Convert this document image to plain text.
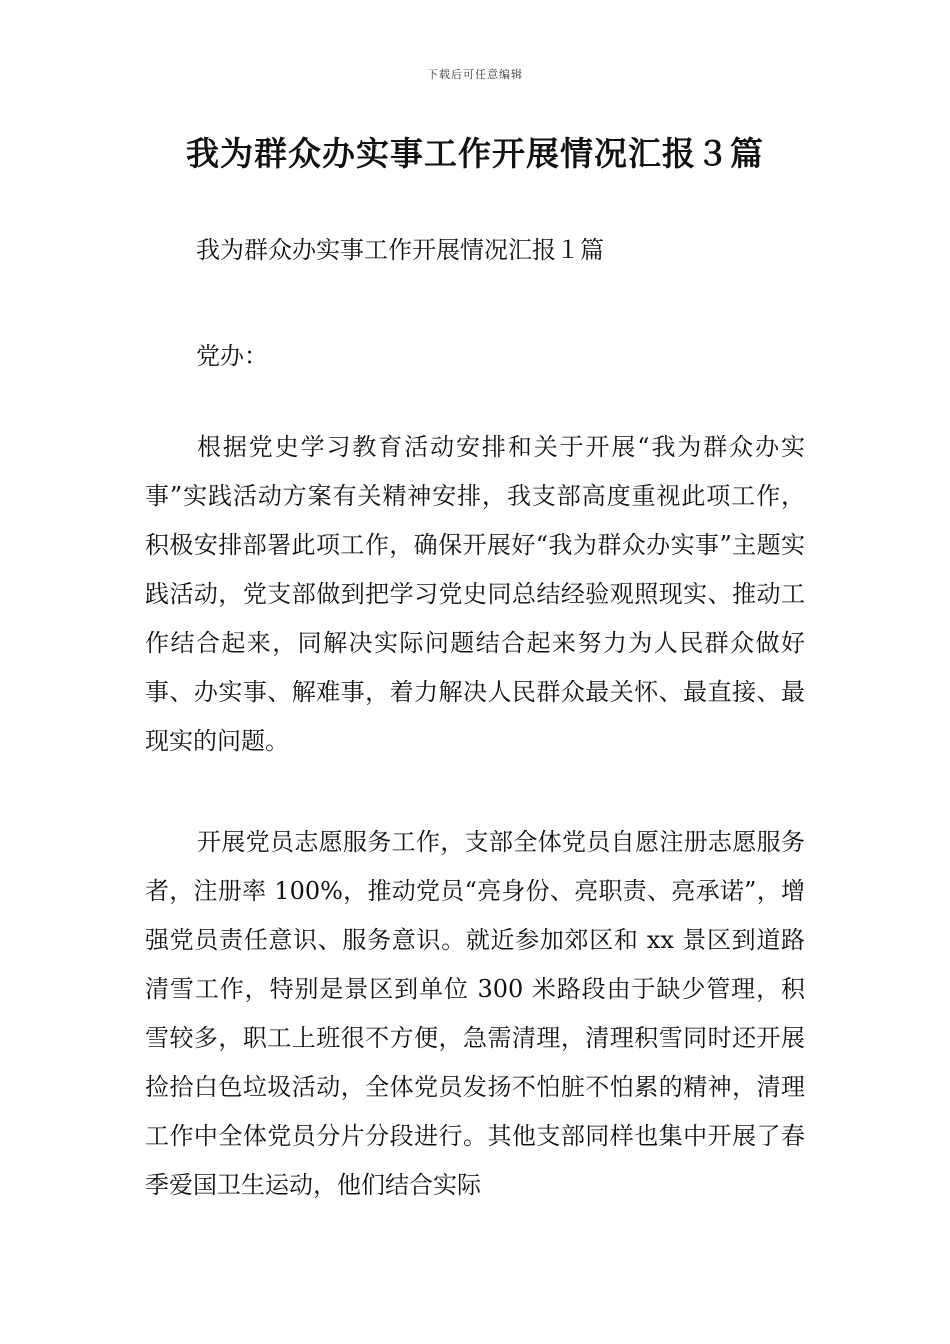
下载后可任意编辑
我为群众办实事工作开展情况汇报３篇

我为群众办实事工作开展情况汇报１篇

党办：

根据党史学习教育活动安排和关于开展“我为群众办实事”实践活动方案有关精神安排，我支部高度重视此项工作，积极安排部署此项工作，确保开展好“我为群众办实事”主题实践活动，党支部做到把学习党史同总结经验观照现实、推动工作结合起来，同解决实际问题结合起来努力为人民群众做好事、办实事、解难事，着力解决人民群众最关怀、最直接、最现实的问题。

开展党员志愿服务工作，支部全体党员自愿注册志愿服务者，注册率 100%，推动党员“亮身份、亮职责、亮承诺”，增强党员责任意识、服务意识。就近参加郊区和 xx 景区到道路清雪工作，特别是景区到单位 300 米路段由于缺少管理，积雪较多，职工上班很不方便，急需清理，清理积雪同时还开展捡拾白色垃圾活动，全体党员发扬不怕脏不怕累的精神，清理工作中全体党员分片分段进行。其他支部同样也集中开展了春季爱国卫生运动，他们结合实际
